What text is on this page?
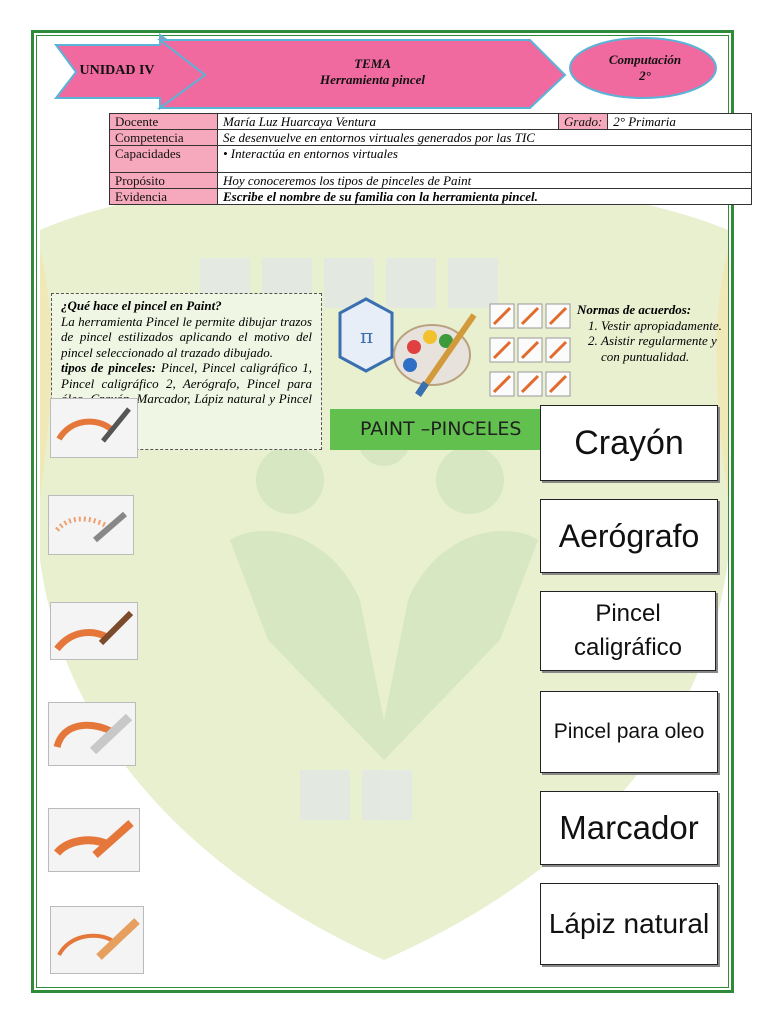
UNIDAD IV	TEMA
Herramienta pincel
Computación
2°
Docente	María Luz Huarcaya Ventura	Grado:	2° Primaria
Competencia	Se desenvuelve en entornos virtuales generados por las TIC		
Capacidades	• Interactúa en entornos virtuales		
Propósito	Hoy conoceremos los tipos de pinceles de Paint		
Evidencia	Escribe el nombre de su familia con la herramienta pincel.		
¿Qué hace el pincel en Paint?
La herramienta Pincel le permite dibujar trazos de pincel estilizados aplicando el motivo del pincel seleccionado al trazado dibujado.
tipos de pinceles: Pincel, Pincel caligráfico 1, Pincel caligráfico 2, Aerógrafo, Pincel para óleo, Crayón, Marcador, Lápiz natural y Pincel para acuarela.
π
PAINT –PINCELES
Normas de acuerdos:
1. Vestir apropiadamente.
2. Asistir regularmente y con puntualidad.
Crayón
Aerógrafo
Pincel caligráfico
Pincel para oleo
Marcador
Lápiz natural
